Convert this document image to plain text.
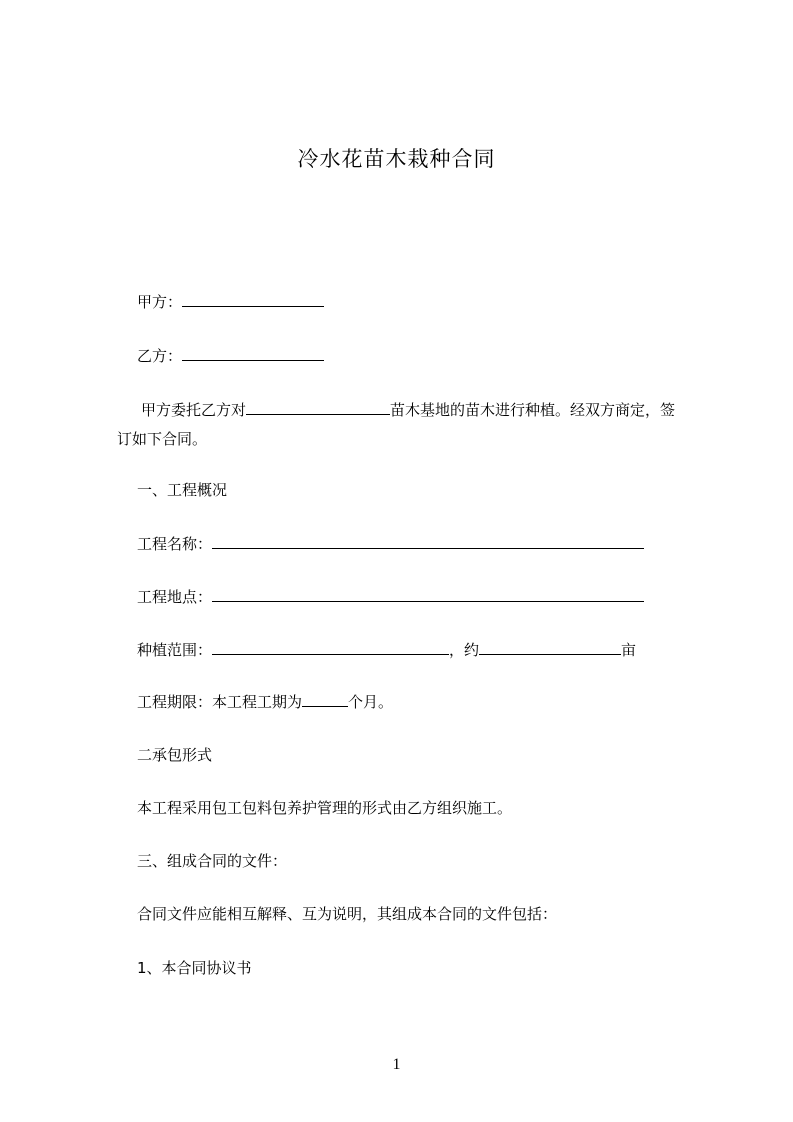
冷水花苗木栽种合同
甲方：
乙方：
甲方委托乙方对	苗木基地的苗木进行种植。经双方商定，签
订如下合同。
一、工程概况
工程名称：
工程地点：
种植范围：	，约	亩
工程期限：本工程工期为	个月。
二承包形式
本工程采用包工包料包养护管理的形式由乙方组织施工。
三、组成合同的文件：
合同文件应能相互解释、互为说明，其组成本合同的文件包括：
1、本合同协议书
1
